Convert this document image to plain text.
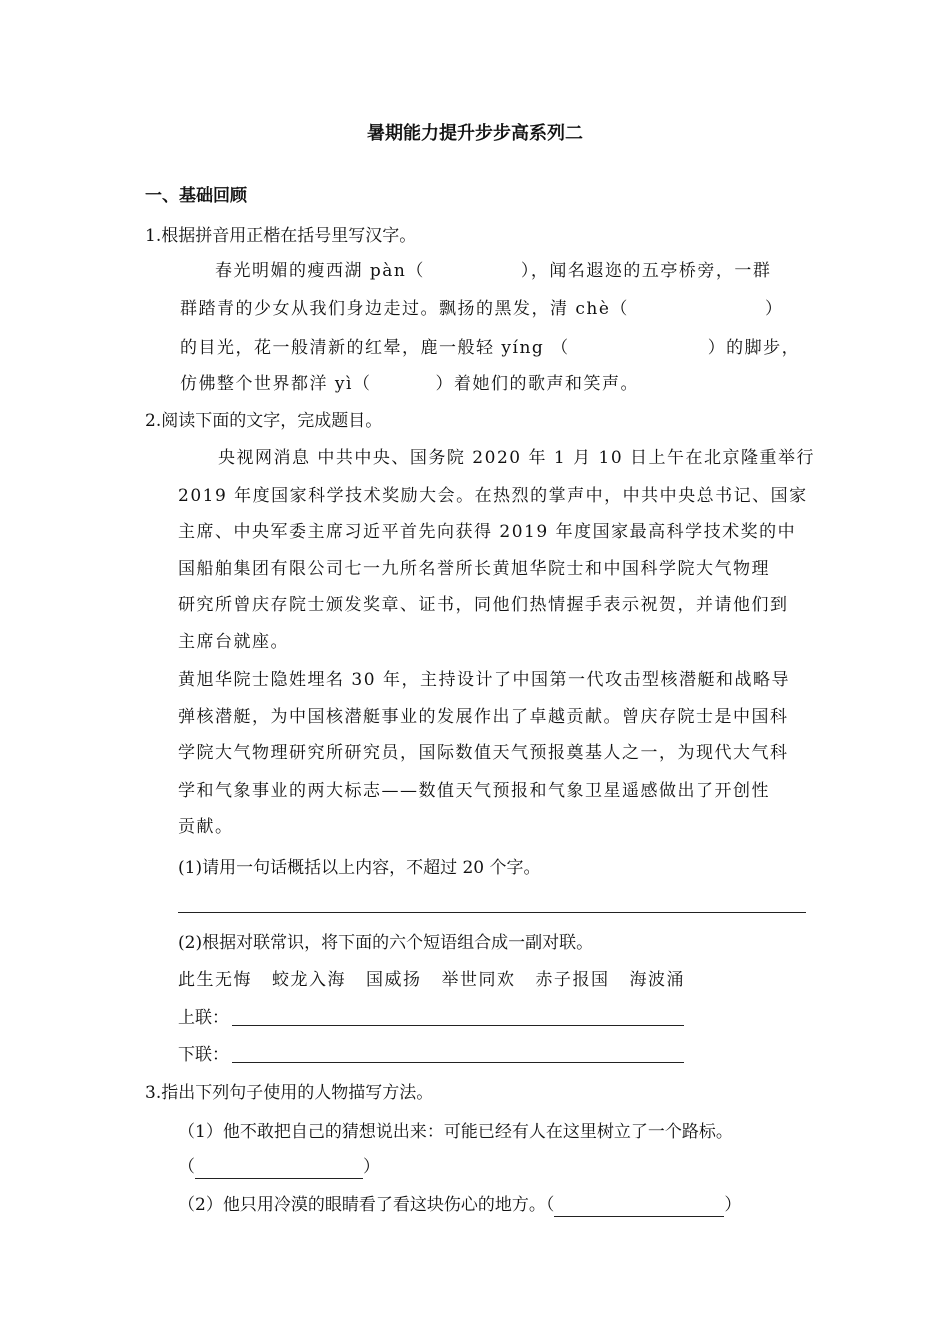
暑期能力提升步步高系列二
一、基础回顾
1.根据拼音用正楷在括号里写汉字。
春光明媚的瘦西湖 pàn（	），闻名遐迩的五亭桥旁，一群
群踏青的少女从我们身边走过。飘扬的黑发，清 chè（	）
的目光，花一般清新的红晕，鹿一般轻 yíng （	）的脚步，
仿佛整个世界都洋 yì（	）着她们的歌声和笑声。
2.阅读下面的文字，完成题目。
央视网消息 中共中央、国务院 2020 年 1 月 10 日上午在北京隆重举行
2019 年度国家科学技术奖励大会。在热烈的掌声中，中共中央总书记、国家
主席、中央军委主席习近平首先向获得 2019 年度国家最高科学技术奖的中
国船舶集团有限公司七一九所名誉所长黄旭华院士和中国科学院大气物理
研究所曾庆存院士颁发奖章、证书，同他们热情握手表示祝贺，并请他们到
主席台就座。
黄旭华院士隐姓埋名 30 年，主持设计了中国第一代攻击型核潜艇和战略导
弹核潜艇，为中国核潜艇事业的发展作出了卓越贡献。曾庆存院士是中国科
学院大气物理研究所研究员，国际数值天气预报奠基人之一，为现代大气科
学和气象事业的两大标志——数值天气预报和气象卫星遥感做出了开创性
贡献。
(1)请用一句话概括以上内容，不超过 20 个字。
(2)根据对联常识，将下面的六个短语组合成一副对联。
此生无悔 蛟龙入海 国威扬 举世同欢 赤子报国 海波涌
上联：
下联：
3.指出下列句子使用的人物描写方法。
（1）他不敢把自己的猜想说出来：可能已经有人在这里树立了一个路标。
（	）
（2）他只用冷漠的眼睛看了看这块伤心的地方。（	）
